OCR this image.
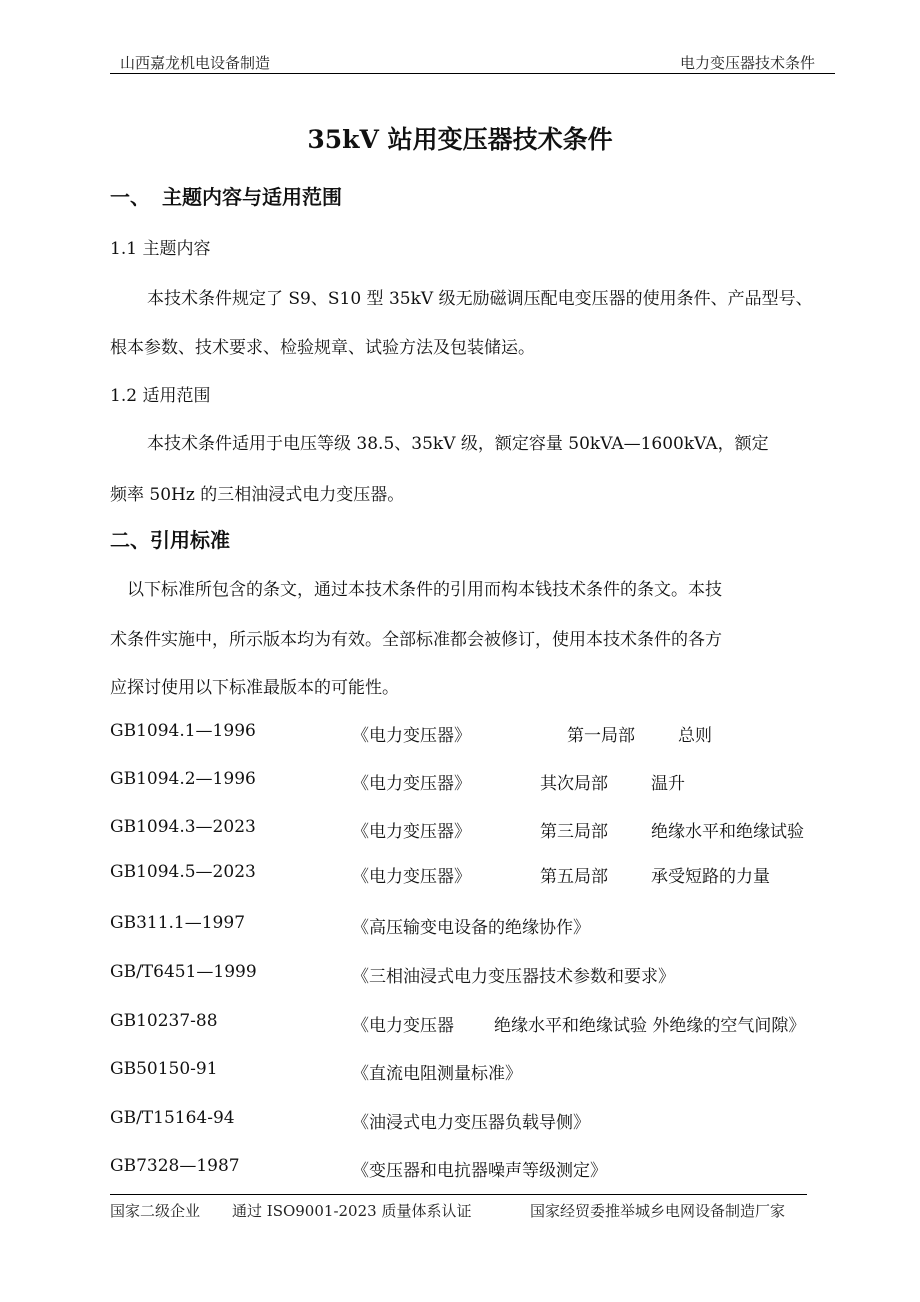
山西嘉龙机电设备制造	电力变压器技术条件
35kV 站用变压器技术条件
一、 主题内容与适用范围
1.1 主题内容
本技术条件规定了 S9、S10 型 35kV 级无励磁调压配电变压器的使用条件、产品型号、
根本参数、技术要求、检验规章、试验方法及包装储运。
1.2 适用范围
本技术条件适用于电压等级 38.5、35kV 级，额定容量 50kVA—1600kVA，额定
频率 50Hz 的三相油浸式电力变压器。
二、引用标准
以下标准所包含的条文，通过本技术条件的引用而构本钱技术条件的条文。本技
术条件实施中，所示版本均为有效。全部标准都会被修订，使用本技术条件的各方
应探讨使用以下标准最版本的可能性。
GB1094.1—1996	《电力变压器》	第一局部	总则
GB1094.2—1996	《电力变压器》	其次局部	温升
GB1094.3—2023	《电力变压器》	第三局部	绝缘水平和绝缘试验
GB1094.5—2023	《电力变压器》	第五局部	承受短路的力量
GB311.1—1997	《高压输变电设备的绝缘协作》
GB/T6451—1999	《三相油浸式电力变压器技术参数和要求》
GB10237-88	《电力变压器 绝缘水平和绝缘试验 外绝缘的空气间隙》
GB50150-91	《直流电阻测量标准》
GB/T15164-94	《油浸式电力变压器负载导侧》
GB7328—1987	《变压器和电抗器噪声等级测定》
国家二级企业 通过 ISO9001-2023 质量体系认证	国家经贸委推举城乡电网设备制造厂家
